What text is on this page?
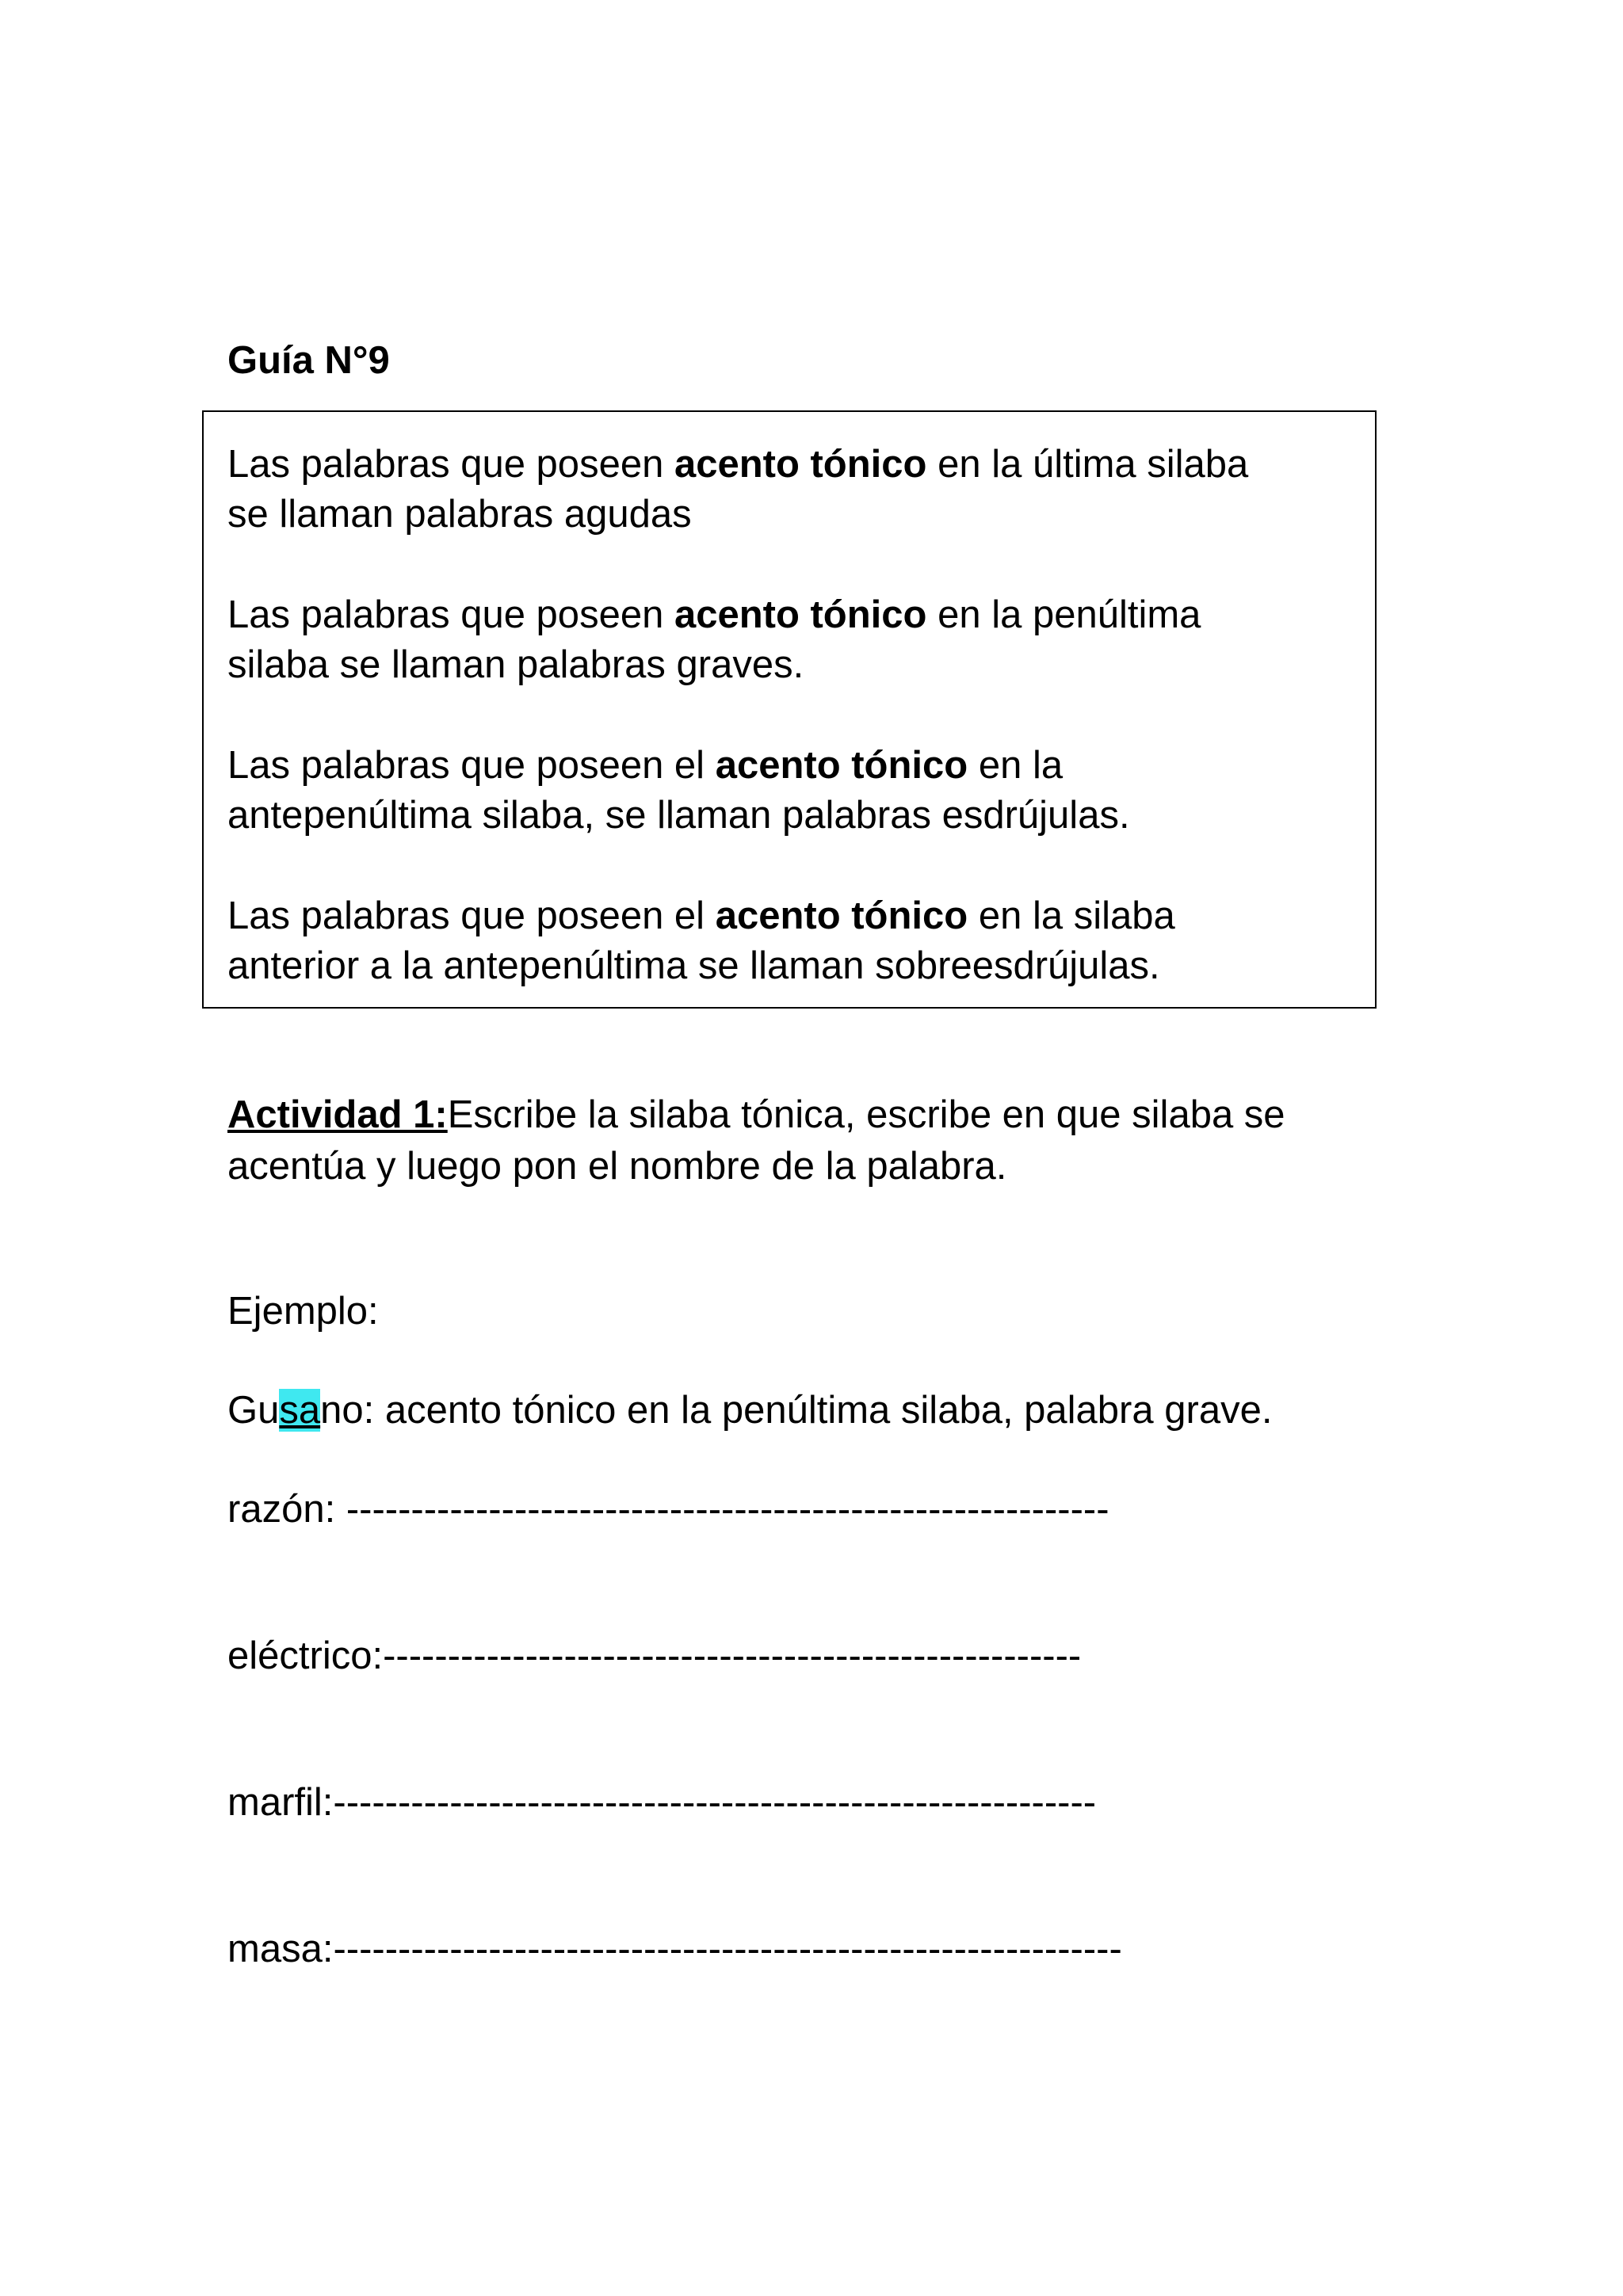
Guía N°9
Las palabras que poseen acento tónico en la última silaba
se llaman palabras agudas
Las palabras que poseen acento tónico en la penúltima
silaba se llaman palabras graves.
Las palabras que poseen el acento tónico en la
antepenúltima silaba, se llaman palabras esdrújulas.
Las palabras que poseen el acento tónico en la silaba
anterior a la antepenúltima se llaman sobreesdrújulas.
Actividad 1:Escribe la silaba tónica, escribe en que silaba se
acentúa y luego pon el nombre de la palabra.
Ejemplo:
Gusano: acento tónico en la penúltima silaba, palabra grave.
razón: -----------------------------------------------------------
eléctrico:------------------------------------------------------
marfil:-----------------------------------------------------------
masa:-------------------------------------------------------------
